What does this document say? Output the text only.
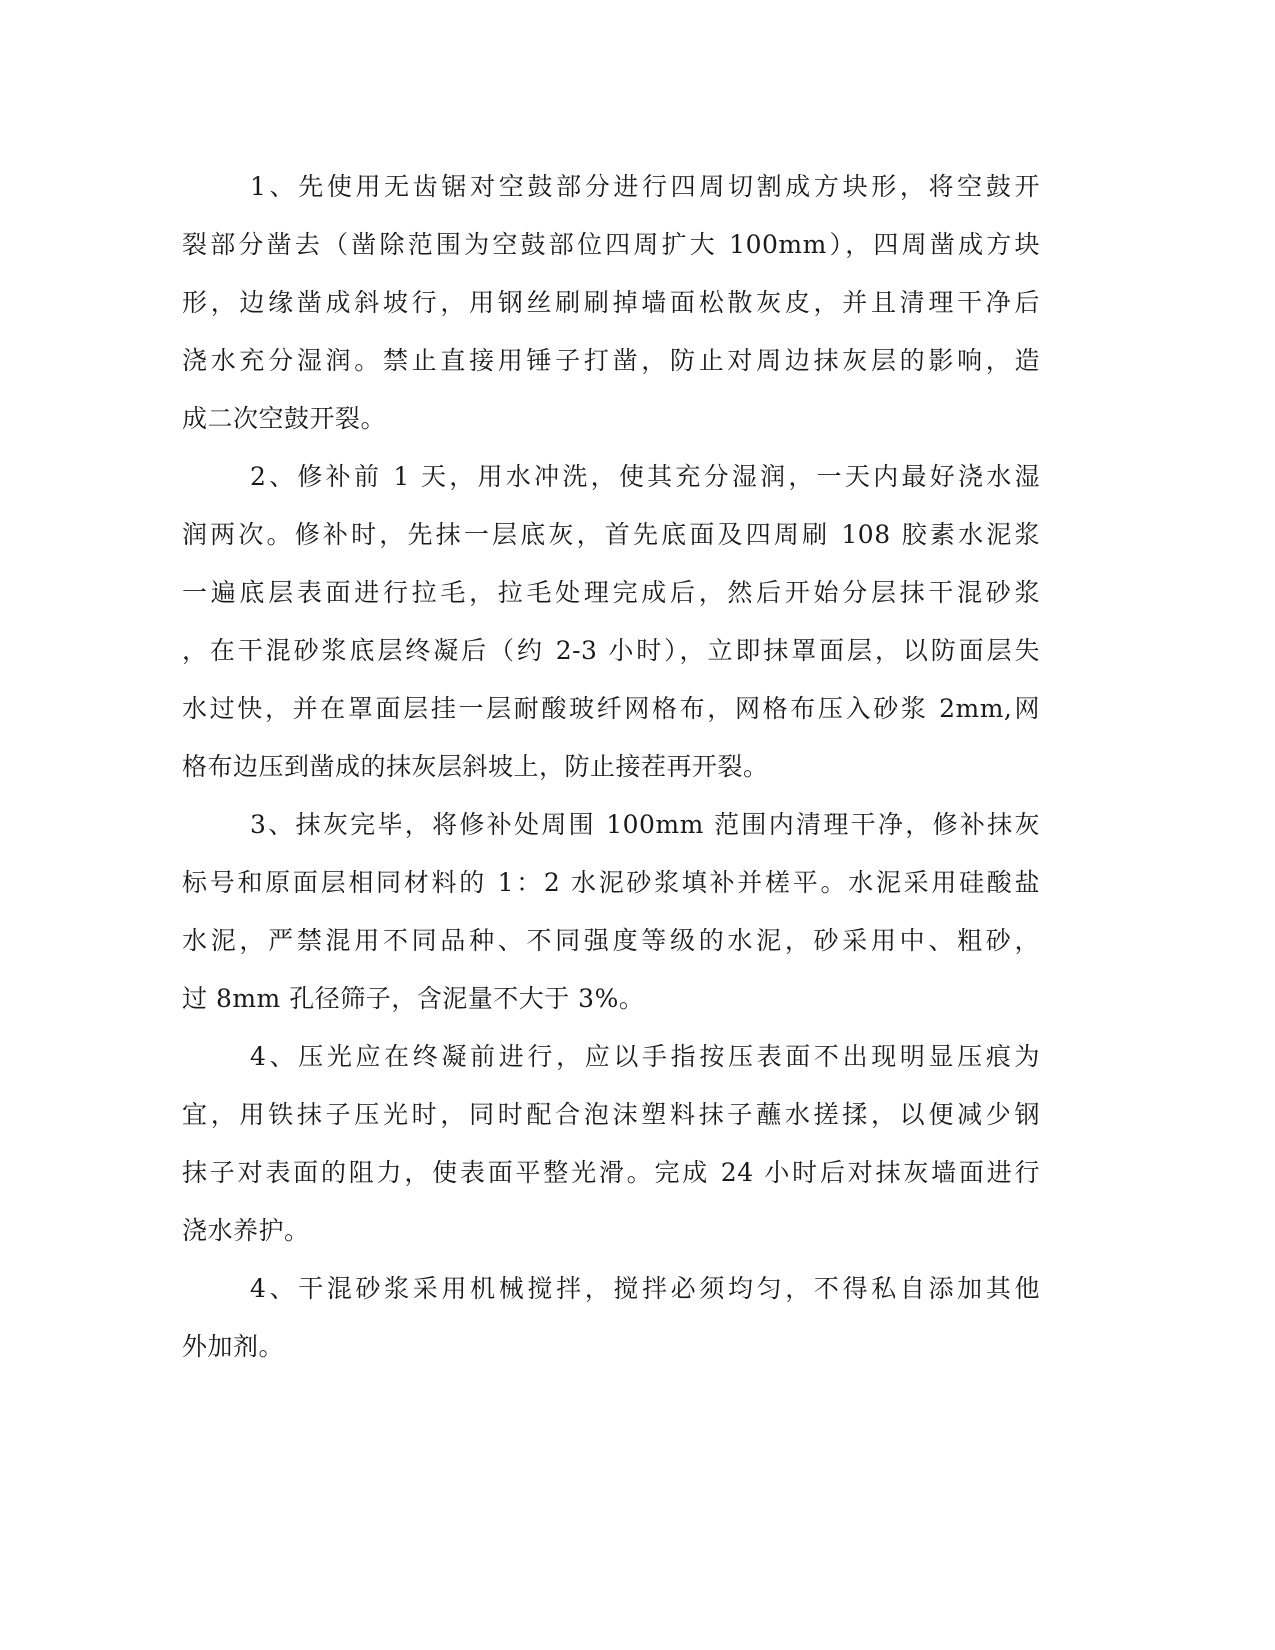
1、先使用无齿锯对空鼓部分进行四周切割成方块形，将空鼓开
裂部分凿去（凿除范围为空鼓部位四周扩大 100mm），四周凿成方块
形，边缘凿成斜坡行，用钢丝刷刷掉墙面松散灰皮，并且清理干净后
浇水充分湿润。禁止直接用锤子打凿，防止对周边抹灰层的影响，造
成二次空鼓开裂。
2、修补前 1 天，用水冲洗，使其充分湿润，一天内最好浇水湿
润两次。修补时，先抹一层底灰，首先底面及四周刷 108 胶素水泥浆
一遍底层表面进行拉毛，拉毛处理完成后，然后开始分层抹干混砂浆
，在干混砂浆底层终凝后（约 2-3 小时），立即抹罩面层，以防面层失
水过快，并在罩面层挂一层耐酸玻纤网格布，网格布压入砂浆 2mm,网
格布边压到凿成的抹灰层斜坡上，防止接茬再开裂。
3、抹灰完毕，将修补处周围 100mm 范围内清理干净，修补抹灰
标号和原面层相同材料的 1：2 水泥砂浆填补并槎平。水泥采用硅酸盐
水泥，严禁混用不同品种、不同强度等级的水泥，砂采用中、粗砂，
过 8mm 孔径筛子，含泥量不大于 3%。
4、压光应在终凝前进行，应以手指按压表面不出现明显压痕为
宜，用铁抹子压光时，同时配合泡沫塑料抹子蘸水搓揉，以便减少钢
抹子对表面的阻力，使表面平整光滑。完成 24 小时后对抹灰墙面进行
浇水养护。
4、干混砂浆采用机械搅拌，搅拌必须均匀，不得私自添加其他
外加剂。
